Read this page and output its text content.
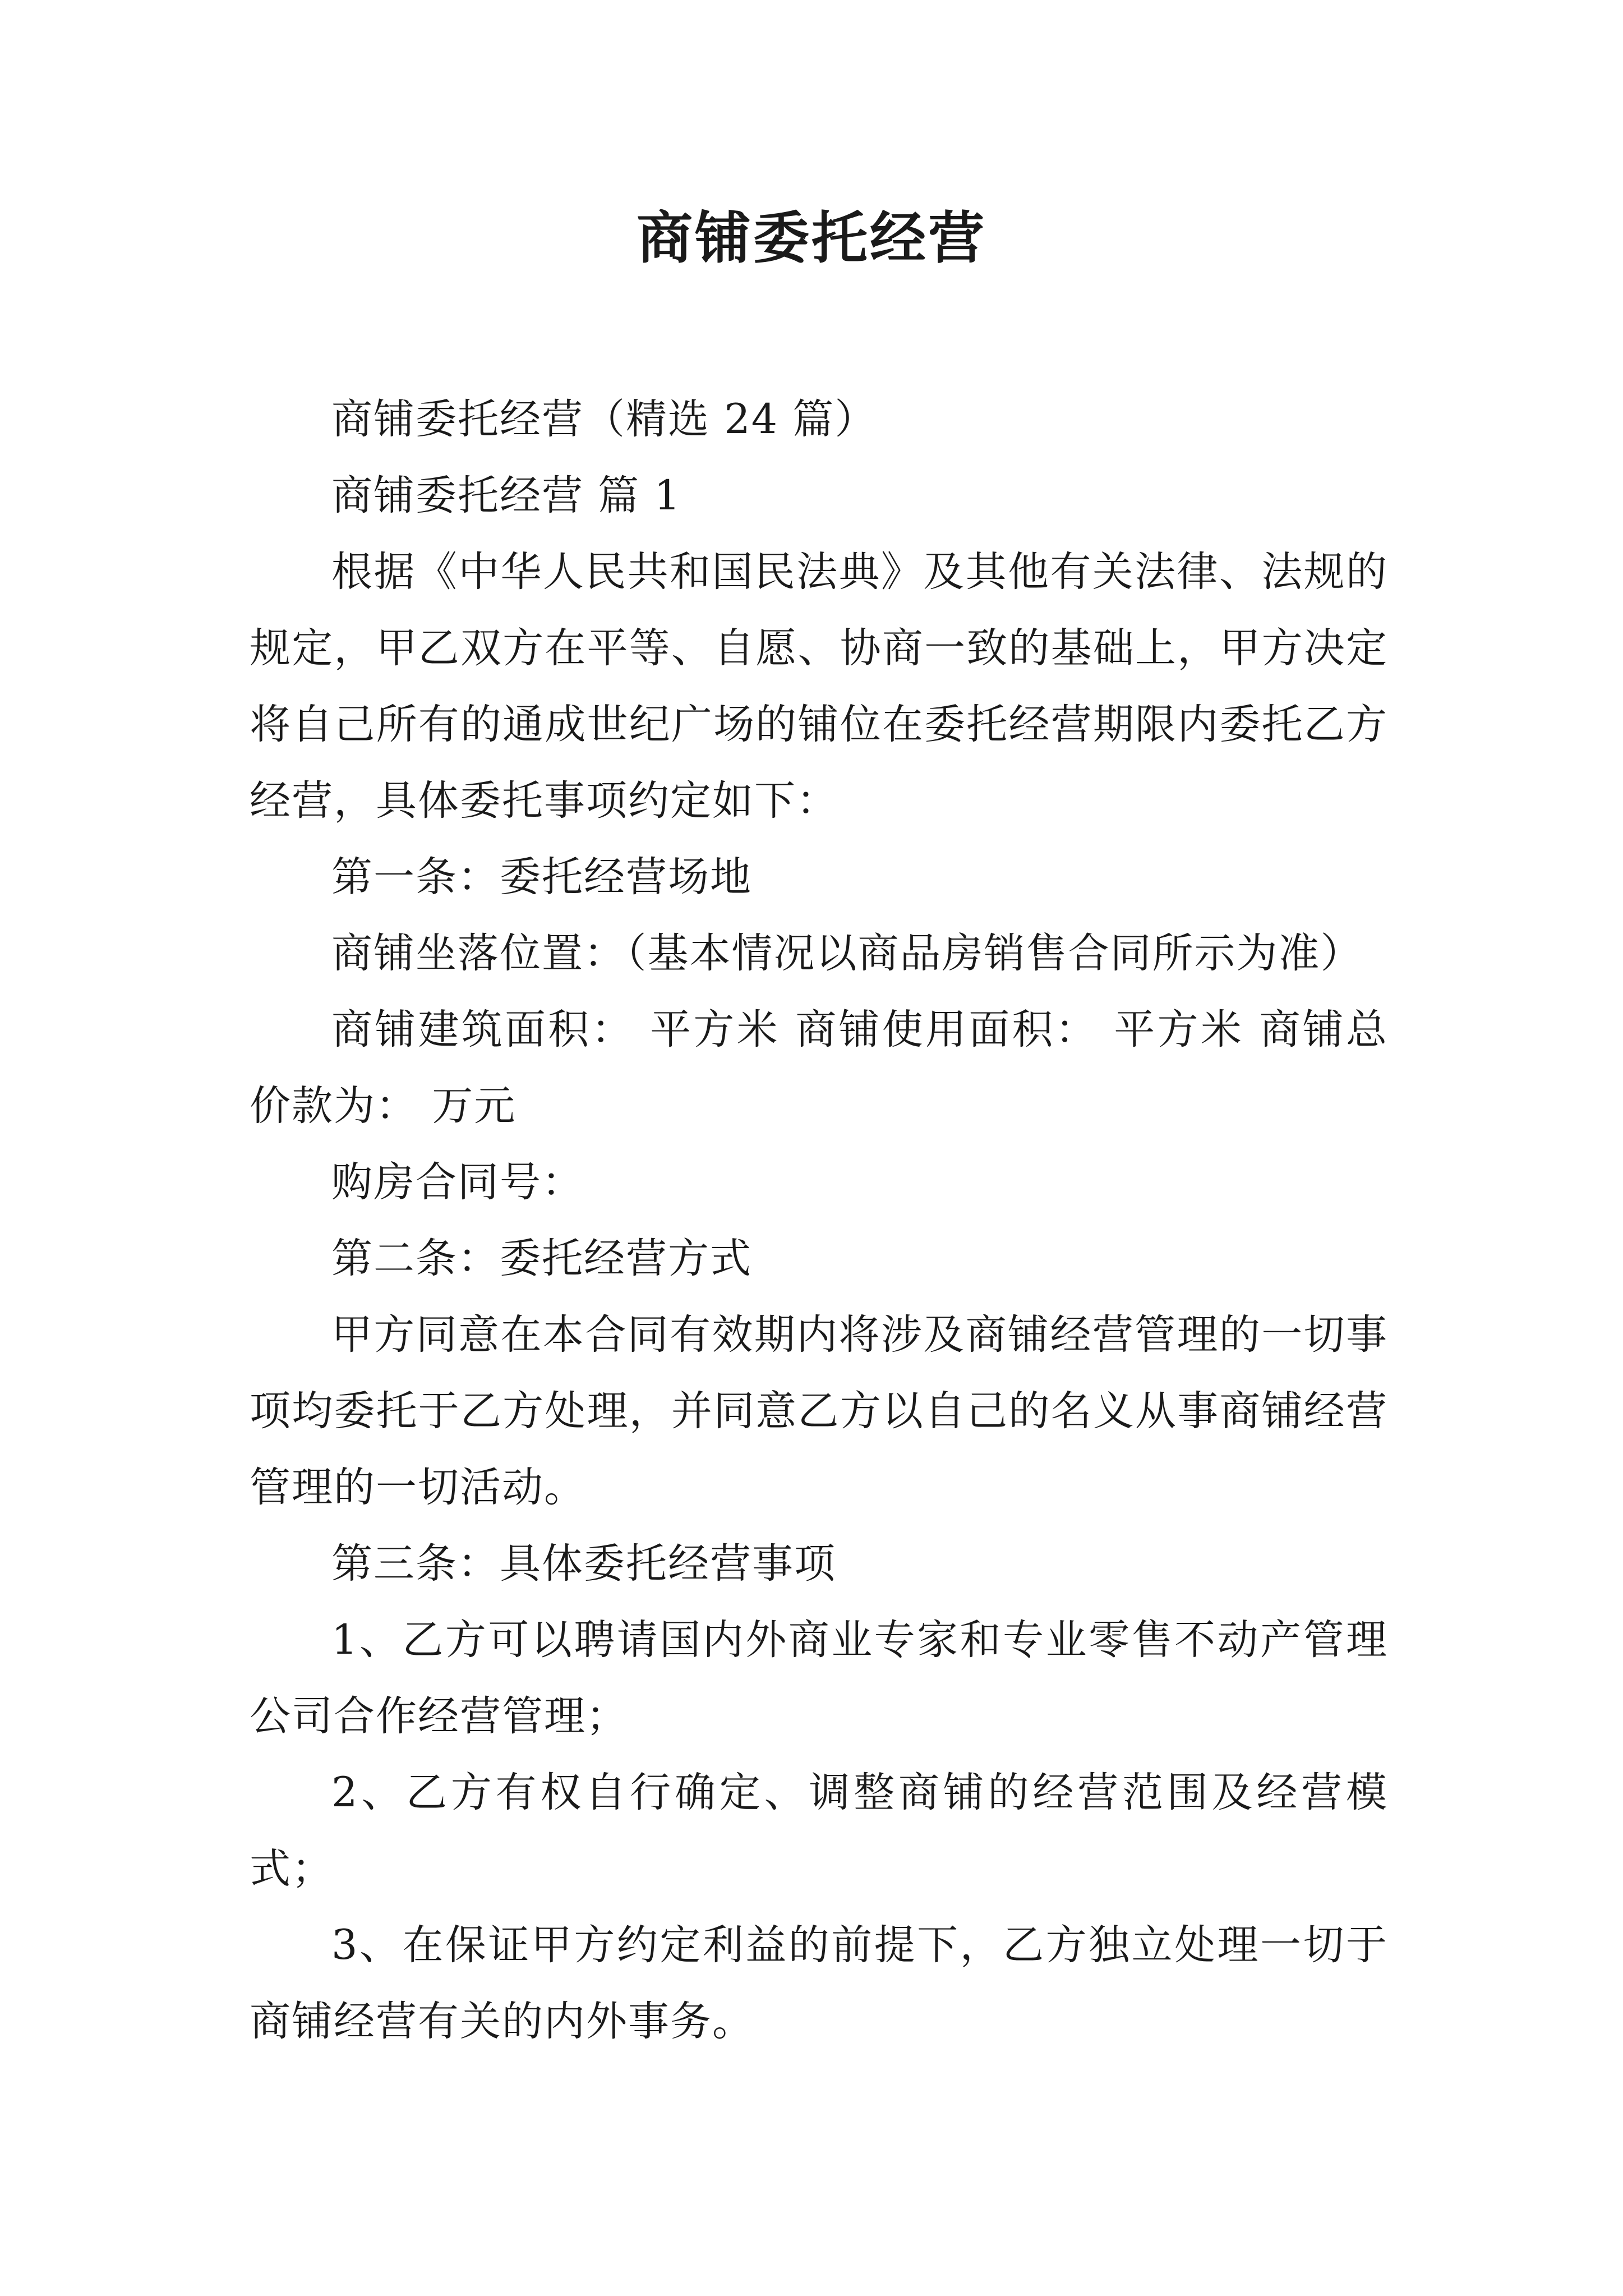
商铺委托经营

商铺委托经营（精选 24 篇）

商铺委托经营 篇 1

根据《中华人民共和国民法典》及其他有关法律、法规的规定，甲乙双方在平等、自愿、协商一致的基础上，甲方决定将自己所有的通成世纪广场的铺位在委托经营期限内委托乙方经营，具体委托事项约定如下：

第一条：委托经营场地

商铺坐落位置：（基本情况以商品房销售合同所示为准）

商铺建筑面积： 平方米 商铺使用面积： 平方米 商铺总价款为： 万元

购房合同号：

第二条：委托经营方式

甲方同意在本合同有效期内将涉及商铺经营管理的一切事项均委托于乙方处理，并同意乙方以自己的名义从事商铺经营管理的一切活动。

第三条：具体委托经营事项

1、乙方可以聘请国内外商业专家和专业零售不动产管理公司合作经营管理；

2、乙方有权自行确定、调整商铺的经营范围及经营模式；

3、在保证甲方约定利益的前提下，乙方独立处理一切于商铺经营有关的内外事务。
